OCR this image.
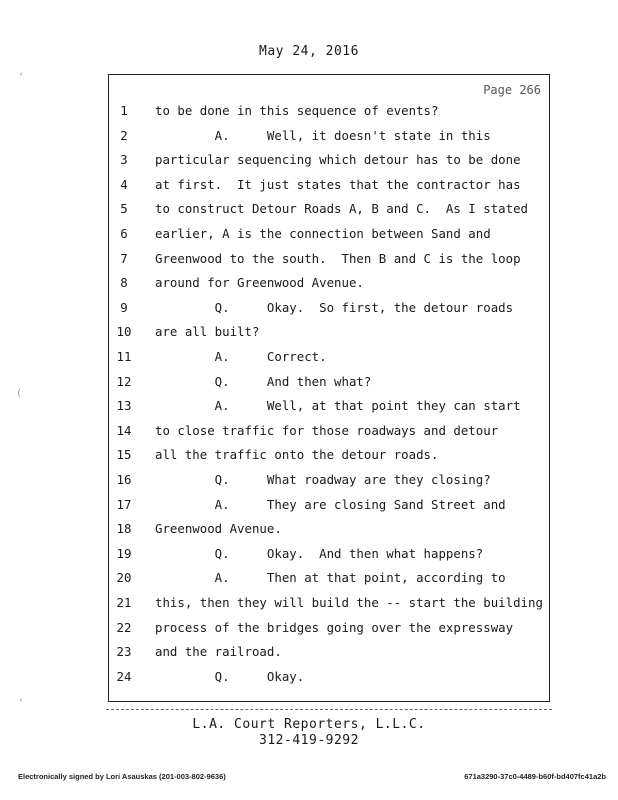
May 24, 2016
Page 266
1	to be done in this sequence of events?
2	A.     Well, it doesn't state in this
3	particular sequencing which detour has to be done
4	at first.  It just states that the contractor has
5	to construct Detour Roads A, B and C.  As I stated
6	earlier, A is the connection between Sand and
7	Greenwood to the south.  Then B and C is the loop
8	around for Greenwood Avenue.
9	Q.     Okay.  So first, the detour roads
10 are all built?
11 A.     Correct.
12 Q.     And then what?
13 A.     Well, at that point they can start
14 to close traffic for those roadways and detour
15 all the traffic onto the detour roads.
16 Q.     What roadway are they closing?
17 A.     They are closing Sand Street and
18 Greenwood Avenue.
19 Q.     Okay.  And then what happens?
20 A.     Then at that point, according to
21 this, then they will build the -- start the building
22 process of the bridges going over the expressway
23 and the railroad.
24 Q.     Okay.
L.A. Court Reporters, L.L.C.
312-419-9292
Electronically signed by Lori Asauskas (201-003-802-9636)	671a3290-37c0-4489-b60f-bd407fc41a2b
‘
(
‘
